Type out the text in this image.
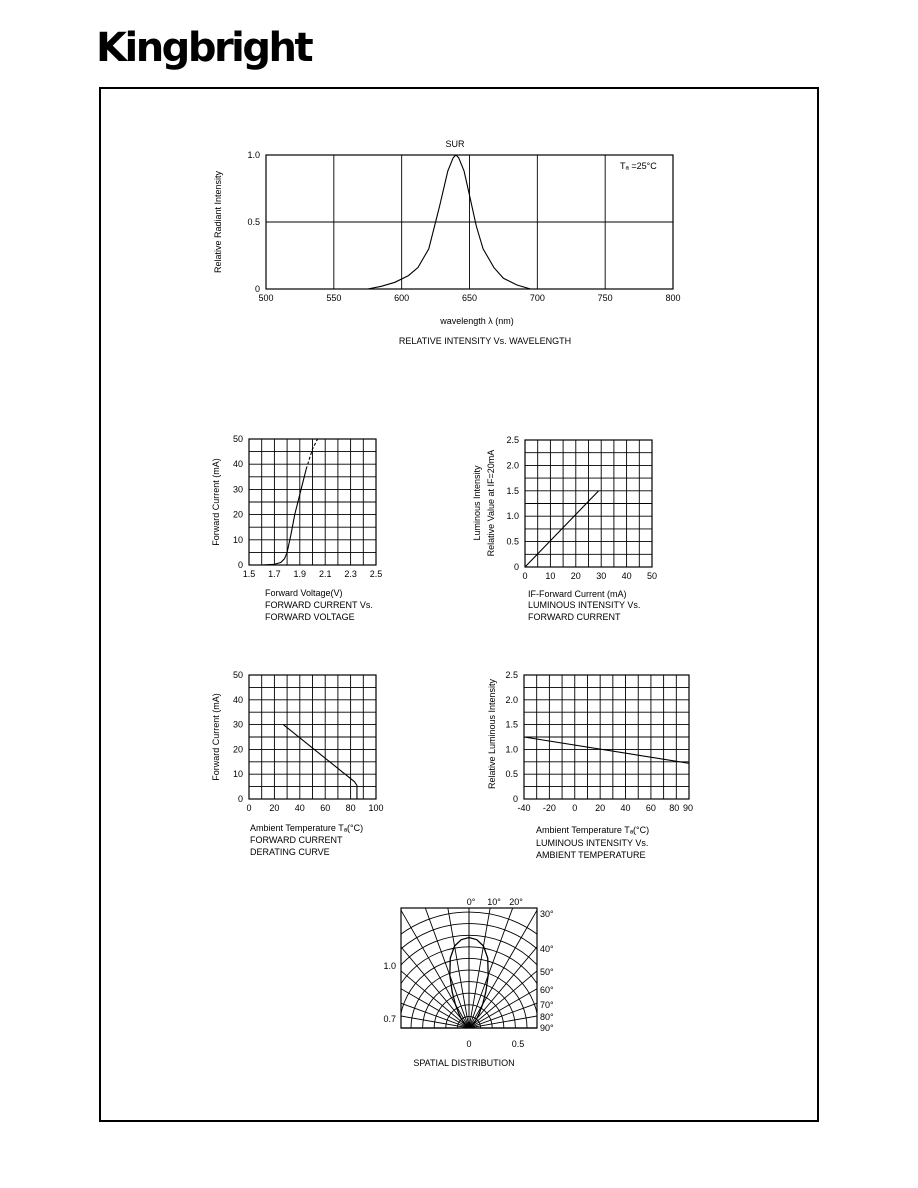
Kingbright
500	550	600	650	700	750	800
0
0.5
1.0
Relative Radiant Intensity
SUR
Tₐ =25°C
wavelength λ (nm)
RELATIVE INTENSITY Vs. WAVELENGTH
1.5 1.7 1.9 2.1 2.3 2.5
0
10
20
30
40
50
Forward Current (mA)
Forward Voltage(V)
FORWARD CURRENT Vs.
FORWARD VOLTAGE
0 10 20 30 40 50
0
0.5
1.0
1.5
2.0
2.5
Luminous Intensity Relative Value at IF=20mA
IF-Forward Current (mA)
LUMINOUS INTENSITY Vs.
FORWARD CURRENT
0 20 40 60 80 100
0
10
20
30
40
50
Forward Current (mA)
Ambient Temperature Tₐ(°C)
FORWARD CURRENT
DERATING CURVE
-40 -20 0 20 40 60 80 90
0
0.5
1.0
1.5
2.0
2.5
Relative Luminous Intensity
Ambient Temperature Tₐ(°C)
LUMINOUS INTENSITY Vs.
AMBIENT TEMPERATURE
0° 10° 20°
30°
40°
50°
60°
70°
80°
90°
1.0
0.7
0	0.5
SPATIAL DISTRIBUTION
